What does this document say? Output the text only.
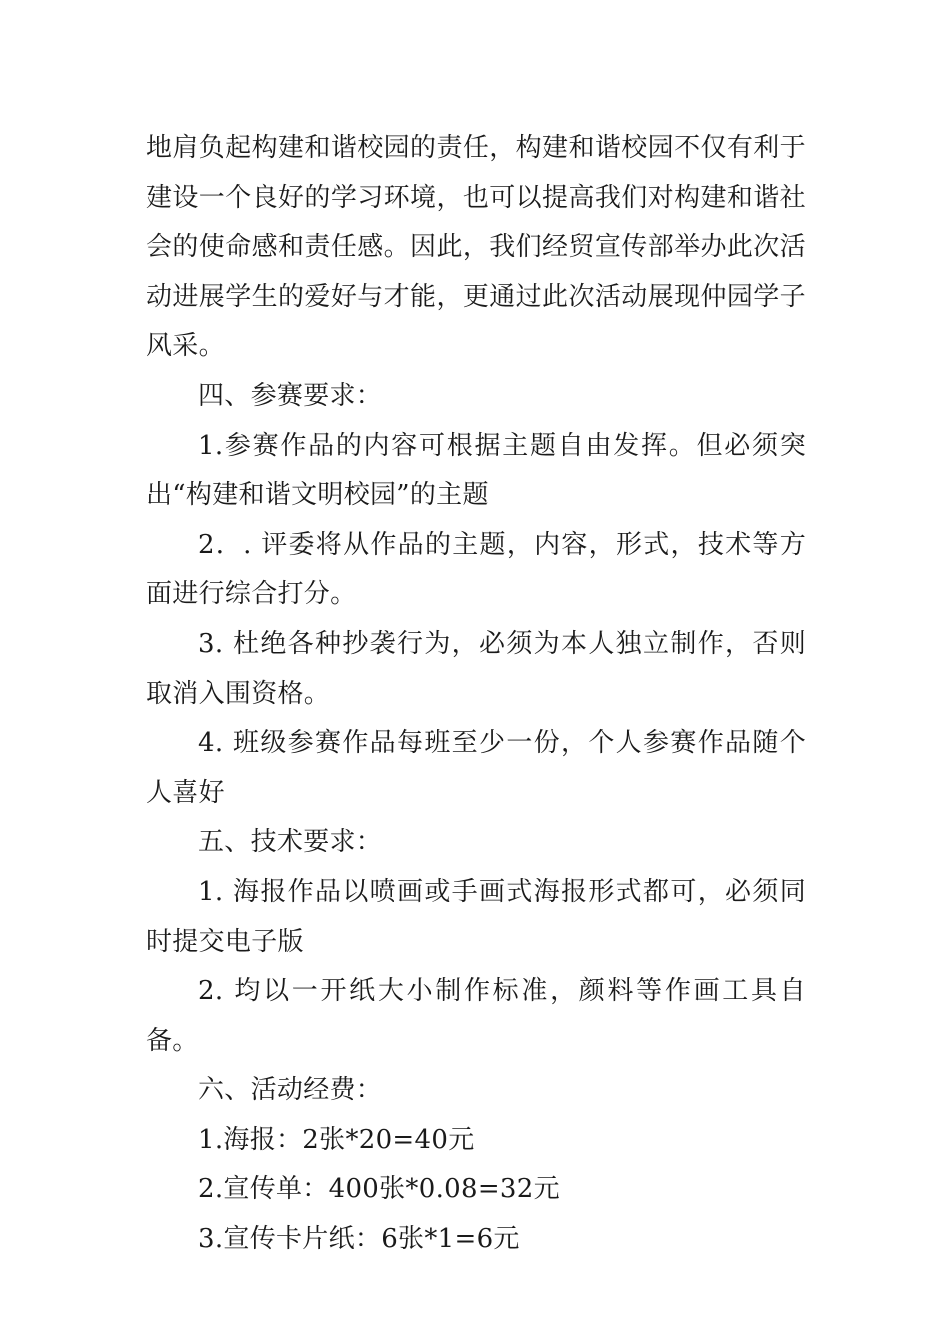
地肩负起构建和谐校园的责任，构建和谐校园不仅有利于建设一个良好的学习环境，也可以提高我们对构建和谐社会的使命感和责任感。因此，我们经贸宣传部举办此次活动进展学生的爱好与才能，更通过此次活动展现仲园学子风采。

四、参赛要求：

1.参赛作品的内容可根据主题自由发挥。但必须突出“构建和谐文明校园”的主题

2．. 评委将从作品的主题，内容，形式，技术等方面进行综合打分。

3. 杜绝各种抄袭行为，必须为本人独立制作，否则取消入围资格。

4. 班级参赛作品每班至少一份，个人参赛作品随个人喜好

五、技术要求：

1. 海报作品以喷画或手画式海报形式都可，必须同时提交电子版

2. 均以一开纸大小制作标准，颜料等作画工具自备。

六、活动经费：

1.海报：2张*20=40元

2.宣传单：400张*0.08=32元

3.宣传卡片纸：6张*1=6元
